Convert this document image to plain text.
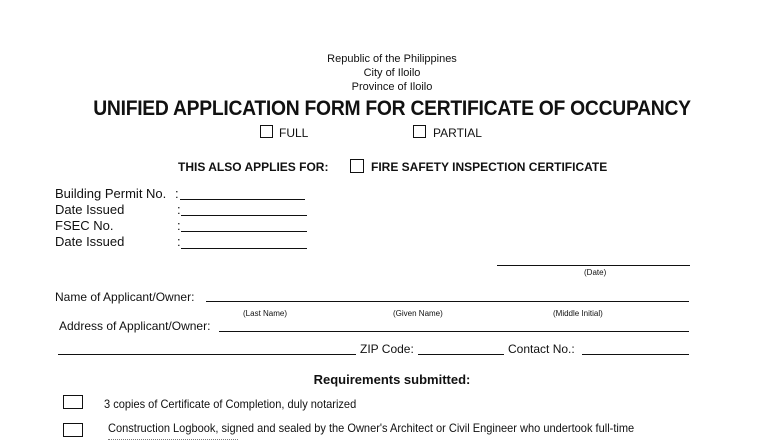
Republic of the Philippines
City of Iloilo
Province of Iloilo
UNIFIED APPLICATION FORM FOR CERTIFICATE OF OCCUPANCY
FULL	PARTIAL
THIS ALSO APPLIES FOR:	FIRE SAFETY INSPECTION CERTIFICATE
Building Permit No. :
Date Issued	:
FSEC No.	:
Date Issued	:
(Date)
Name of Applicant/Owner:
(Last Name)	(Given Name)	(Middle Initial)
Address of Applicant/Owner:
ZIP Code:	Contact No.:
Requirements submitted:
3 copies of Certificate of Completion, duly notarized
Construction Logbook, signed and sealed by the Owner's Architect or Civil Engineer who undertook full-time
